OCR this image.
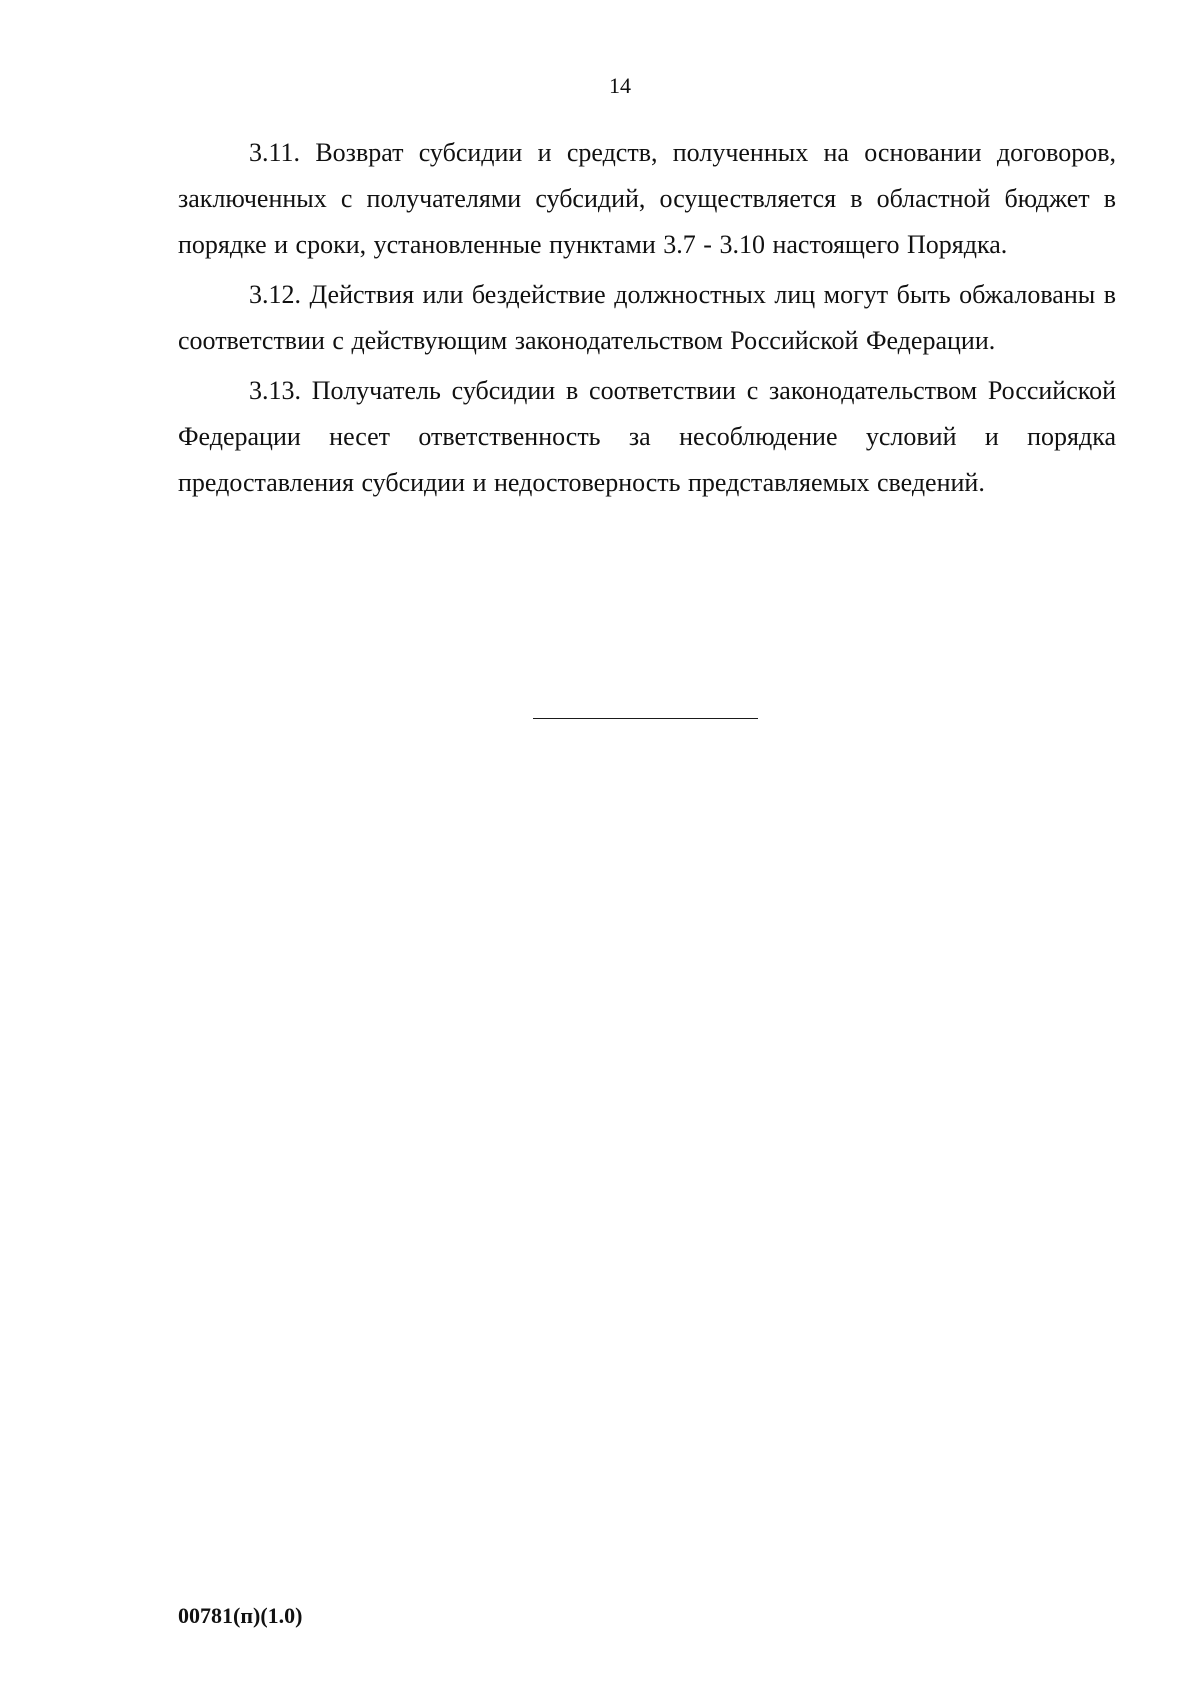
14

3.11. Возврат субсидии и средств, полученных на основании договоров, заключенных с получателями субсидий, осуществляется в областной бюджет в порядке и сроки, установленные пунктами 3.7 - 3.10 настоящего Порядка.

3.12. Действия или бездействие должностных лиц могут быть обжалованы в соответствии с действующим законодательством Российской Федерации.

3.13. Получатель субсидии в соответствии с законодательством Российской Федерации несет ответственность за несоблюдение условий и порядка предоставления субсидии и недостоверность представляемых сведений.

00781(п)(1.0)
